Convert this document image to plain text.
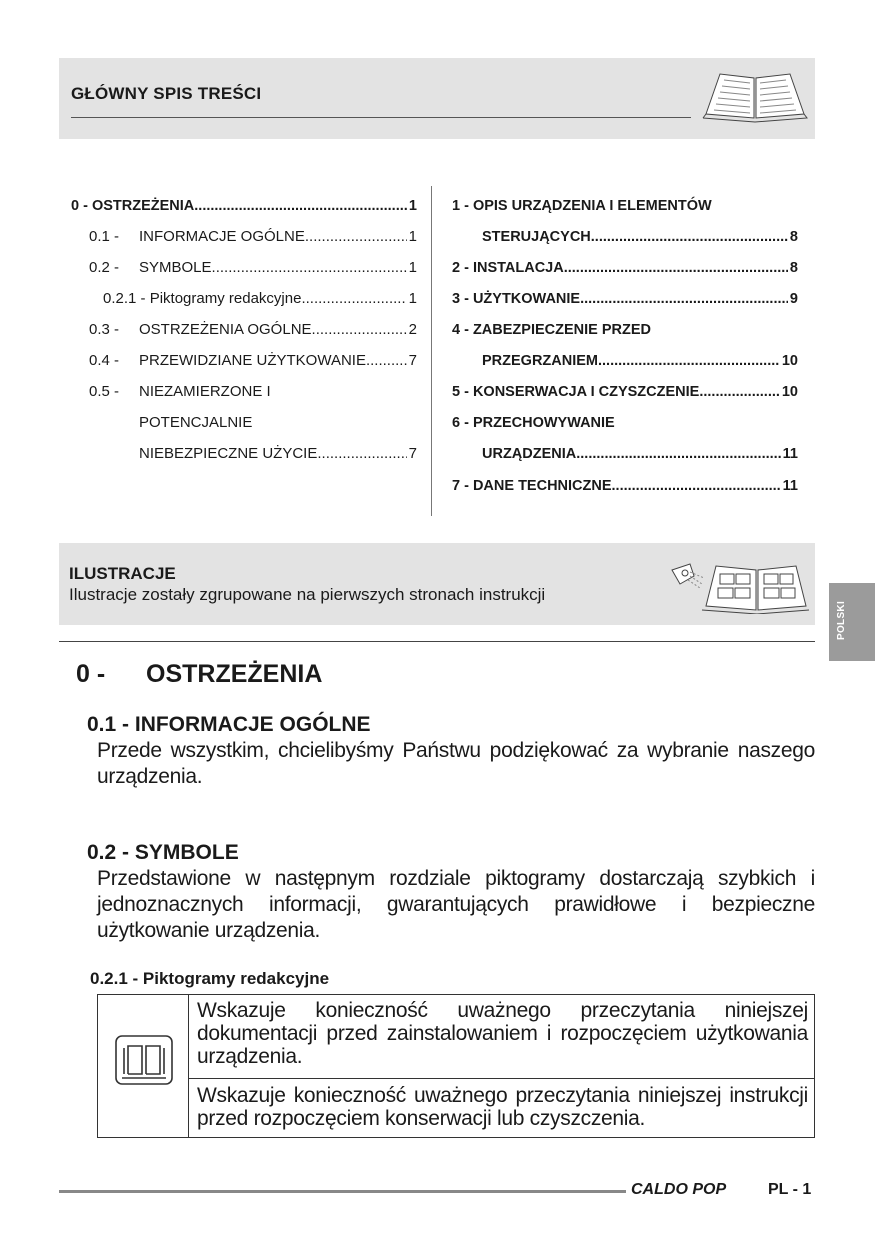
GŁÓWNY SPIS TREŚCI
0 - OSTRZEŻENIA .....	1
0.1 -	INFORMACJE OGÓLNE .....	1
0.2 -	SYMBOLE .....	1
0.2.1 - Piktogramy redakcyjne .....	1
0.3 -	OSTRZEŻENIA OGÓLNE .....	2
0.4 -	PRZEWIDZIANE UŻYTKOWANIE .....	7
0.5 -	NIEZAMIERZONE I
POTENCJALNIE
NIEBEZPIECZNE UŻYCIE .....	7
1 - OPIS URZĄDZENIA I ELEMENTÓW
STERUJĄCYCH .....	8
2 - INSTALACJA .....	8
3 - UŻYTKOWANIE .....	9
4 - ZABEZPIECZENIE PRZED
PRZEGRZANIEM .....	10
5 - KONSERWACJA I CZYSZCZENIE .....	10
6 - PRZECHOWYWANIE
URZĄDZENIA .....	11
7 - DANE TECHNICZNE .....	11
ILUSTRACJE
Ilustracje zostały zgrupowane na pierwszych stronach instrukcji
POLSKI
0 - OSTRZEŻENIA
0.1 - INFORMACJE OGÓLNE
Przede wszystkim, chcielibyśmy Państwu podziękować za wybranie naszego urządzenia.
0.2 - SYMBOLE
Przedstawione w następnym rozdziale piktogramy dostarczają szybkich i jednoznacznych informacji, gwarantujących prawidłowe i bezpieczne użytkowanie urządzenia.
0.2.1 - Piktogramy redakcyjne
Wskazuje konieczność uważnego przeczytania niniejszej dokumentacji przed zainstalowaniem i rozpoczęciem użytkowania urządzenia.
Wskazuje konieczność uważnego przeczytania niniejszej instrukcji przed rozpoczęciem konserwacji lub czyszczenia.
CALDO POP	PL - 1
